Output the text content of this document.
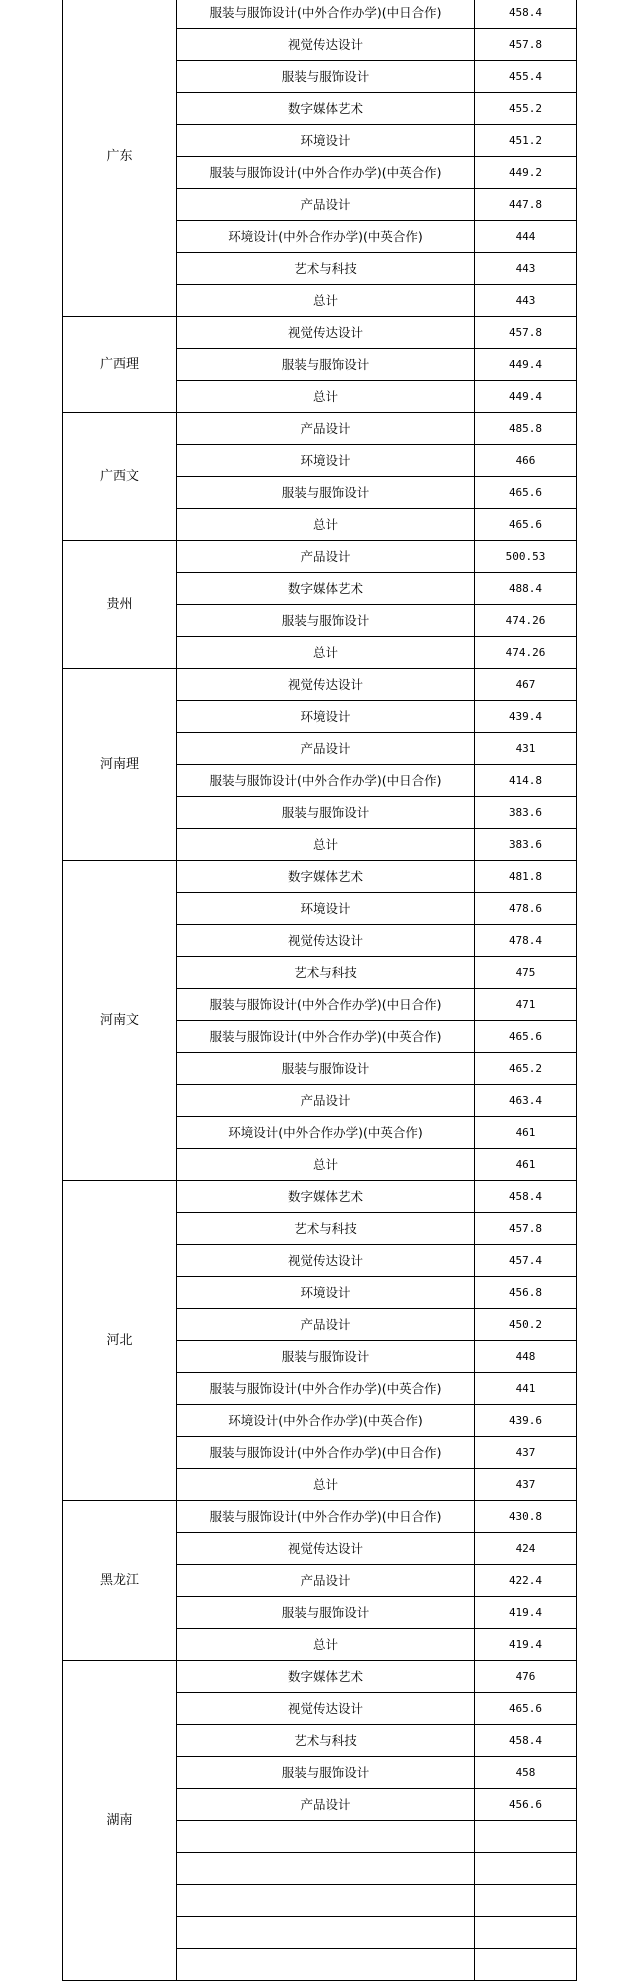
广东	服装与服饰设计(中外合作办学)(中日合作)	458.4
	视觉传达设计	457.8
	服装与服饰设计	455.4
	数字媒体艺术	455.2
	环境设计	451.2
	服装与服饰设计(中外合作办学)(中英合作)	449.2
	产品设计	447.8
	环境设计(中外合作办学)(中英合作)	444
	艺术与科技	443
	总计	443
广西理	视觉传达设计	457.8
	服装与服饰设计	449.4
	总计	449.4
广西文	产品设计	485.8
	环境设计	466
	服装与服饰设计	465.6
	总计	465.6
贵州	产品设计	500.53
	数字媒体艺术	488.4
	服装与服饰设计	474.26
	总计	474.26
河南理	视觉传达设计	467
	环境设计	439.4
	产品设计	431
	服装与服饰设计(中外合作办学)(中日合作)	414.8
	服装与服饰设计	383.6
	总计	383.6
河南文	数字媒体艺术	481.8
	环境设计	478.6
	视觉传达设计	478.4
	艺术与科技	475
	服装与服饰设计(中外合作办学)(中日合作)	471
	服装与服饰设计(中外合作办学)(中英合作)	465.6
	服装与服饰设计	465.2
	产品设计	463.4
	环境设计(中外合作办学)(中英合作)	461
	总计	461
河北	数字媒体艺术	458.4
	艺术与科技	457.8
	视觉传达设计	457.4
	环境设计	456.8
	产品设计	450.2
	服装与服饰设计	448
	服装与服饰设计(中外合作办学)(中英合作)	441
	环境设计(中外合作办学)(中英合作)	439.6
	服装与服饰设计(中外合作办学)(中日合作)	437
	总计	437
黑龙江	服装与服饰设计(中外合作办学)(中日合作)	430.8
	视觉传达设计	424
	产品设计	422.4
	服装与服饰设计	419.4
	总计	419.4
湖南	数字媒体艺术	476
	视觉传达设计	465.6
	艺术与科技	458.4
	服装与服饰设计	458
	产品设计	456.6
